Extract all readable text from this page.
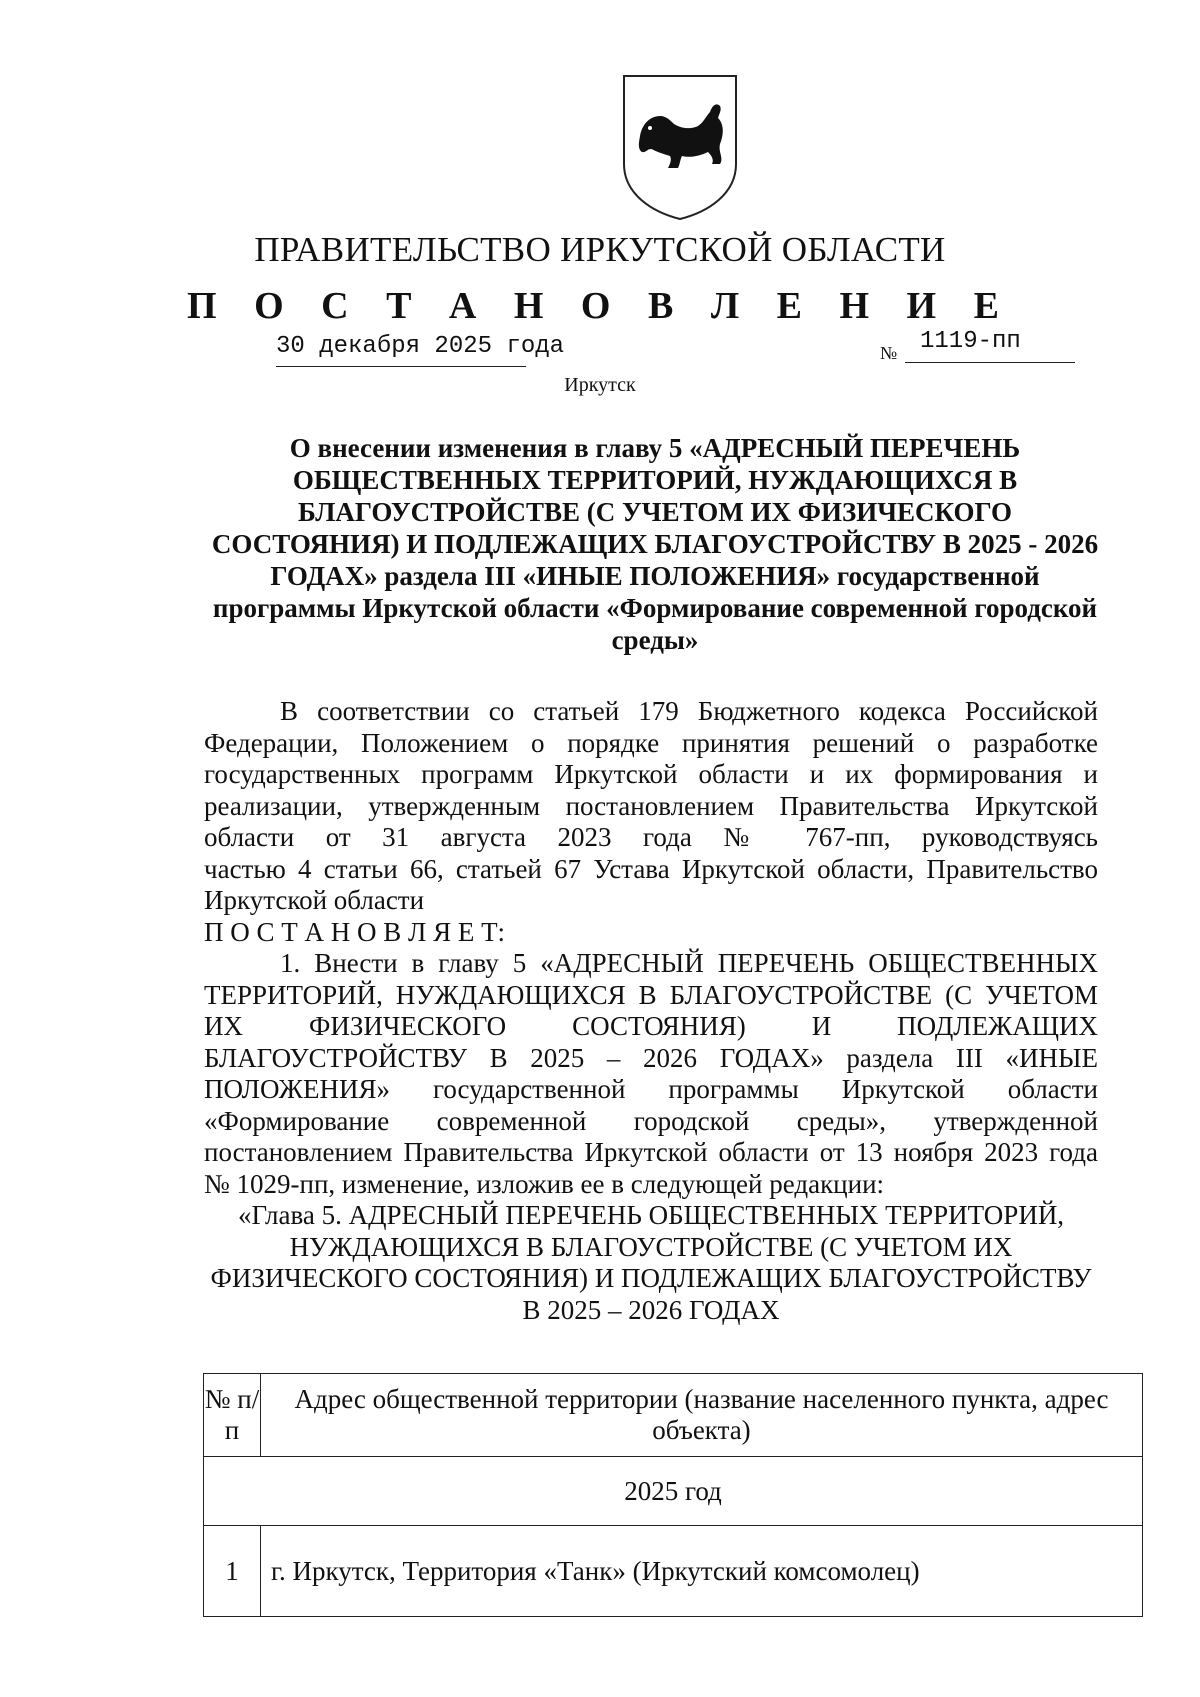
ПРАВИТЕЛЬСТВО ИРКУТСКОЙ ОБЛАСТИ
П О С Т А Н О В Л Е Н И Е
30 декабря 2025 года	№ 1119-пп
Иркутск
О внесении изменения в главу 5 «АДРЕСНЫЙ ПЕРЕЧЕНЬ
ОБЩЕСТВЕННЫХ ТЕРРИТОРИЙ, НУЖДАЮЩИХСЯ В
БЛАГОУСТРОЙСТВЕ (С УЧЕТОМ ИХ ФИЗИЧЕСКОГО
СОСТОЯНИЯ) И ПОДЛЕЖАЩИХ БЛАГОУСТРОЙСТВУ В 2025 - 2026
ГОДАХ» раздела III «ИНЫЕ ПОЛОЖЕНИЯ» государственной
программы Иркутской области «Формирование современной городской
среды»
В соответствии со статьей 179 Бюджетного кодекса Российской
Федерации, Положением о порядке принятия решений о разработке
государственных программ Иркутской области и их формирования и
реализации, утвержденным постановлением Правительства Иркутской
области от 31 августа 2023 года № 767-пп, руководствуясь
частью 4 статьи 66, статьей 67 Устава Иркутской области, Правительство
Иркутской области
П О С Т А Н О В Л Я Е Т:
1. Внести в главу 5 «АДРЕСНЫЙ ПЕРЕЧЕНЬ ОБЩЕСТВЕННЫХ
ТЕРРИТОРИЙ, НУЖДАЮЩИХСЯ В БЛАГОУСТРОЙСТВЕ (С УЧЕТОМ
ИХ ФИЗИЧЕСКОГО СОСТОЯНИЯ) И ПОДЛЕЖАЩИХ
БЛАГОУСТРОЙСТВУ В 2025 – 2026 ГОДАХ» раздела III «ИНЫЕ
ПОЛОЖЕНИЯ» государственной программы Иркутской области
«Формирование современной городской среды», утвержденной
постановлением Правительства Иркутской области от 13 ноября 2023 года
№ 1029-пп, изменение, изложив ее в следующей редакции:
«Глава 5. АДРЕСНЫЙ ПЕРЕЧЕНЬ ОБЩЕСТВЕННЫХ ТЕРРИТОРИЙ,
НУЖДАЮЩИХСЯ В БЛАГОУСТРОЙСТВЕ (С УЧЕТОМ ИХ
ФИЗИЧЕСКОГО СОСТОЯНИЯ) И ПОДЛЕЖАЩИХ БЛАГОУСТРОЙСТВУ
В 2025 – 2026 ГОДАХ
№ п/п	Адрес общественной территории (название населенного пункта, адрес объекта)
2025 год	
1	г. Иркутск, Территория «Танк» (Иркутский комсомолец)
